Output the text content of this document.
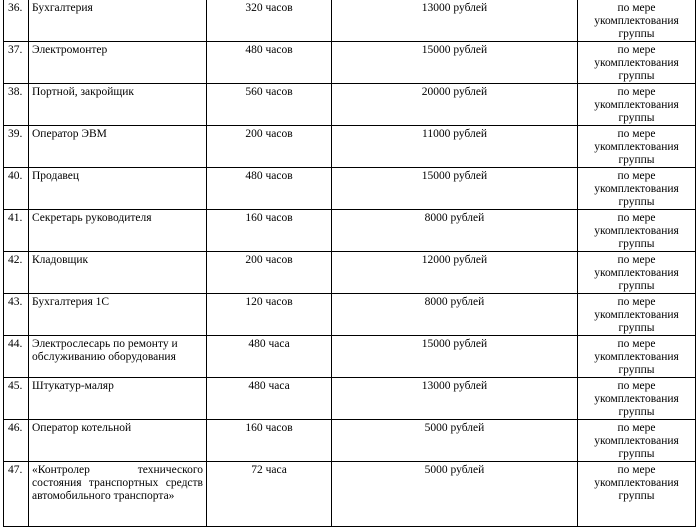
36.	Бухгалтерия	320 часов	13000 рублей	по мере укомплектования группы
37.	Электромонтер	480 часов	15000 рублей	по мере укомплектования группы
38.	Портной, закройщик	560 часов	20000 рублей	по мере укомплектования группы
39.	Оператор ЭВМ	200 часов	11000 рублей	по мере укомплектования группы
40.	Продавец	480 часов	15000 рублей	по мере укомплектования группы
41.	Секретарь руководителя	160 часов	8000 рублей	по мере укомплектования группы
42.	Кладовщик	200 часов	12000 рублей	по мере укомплектования группы
43.	Бухгалтерия 1С	120 часов	8000 рублей	по мере укомплектования группы
44.	Электрослесарь по ремонту и обслуживанию оборудования	480 часа	15000 рублей	по мере укомплектования группы
45.	Штукатур-маляр	480 часа	13000 рублей	по мере укомплектования группы
46.	Оператор котельной	160 часов	5000 рублей	по мере укомплектования группы
47.	«Контролер технического состояния транспортных средств автомобильного транспорта»	72 часа	5000 рублей	по мере укомплектования группы
